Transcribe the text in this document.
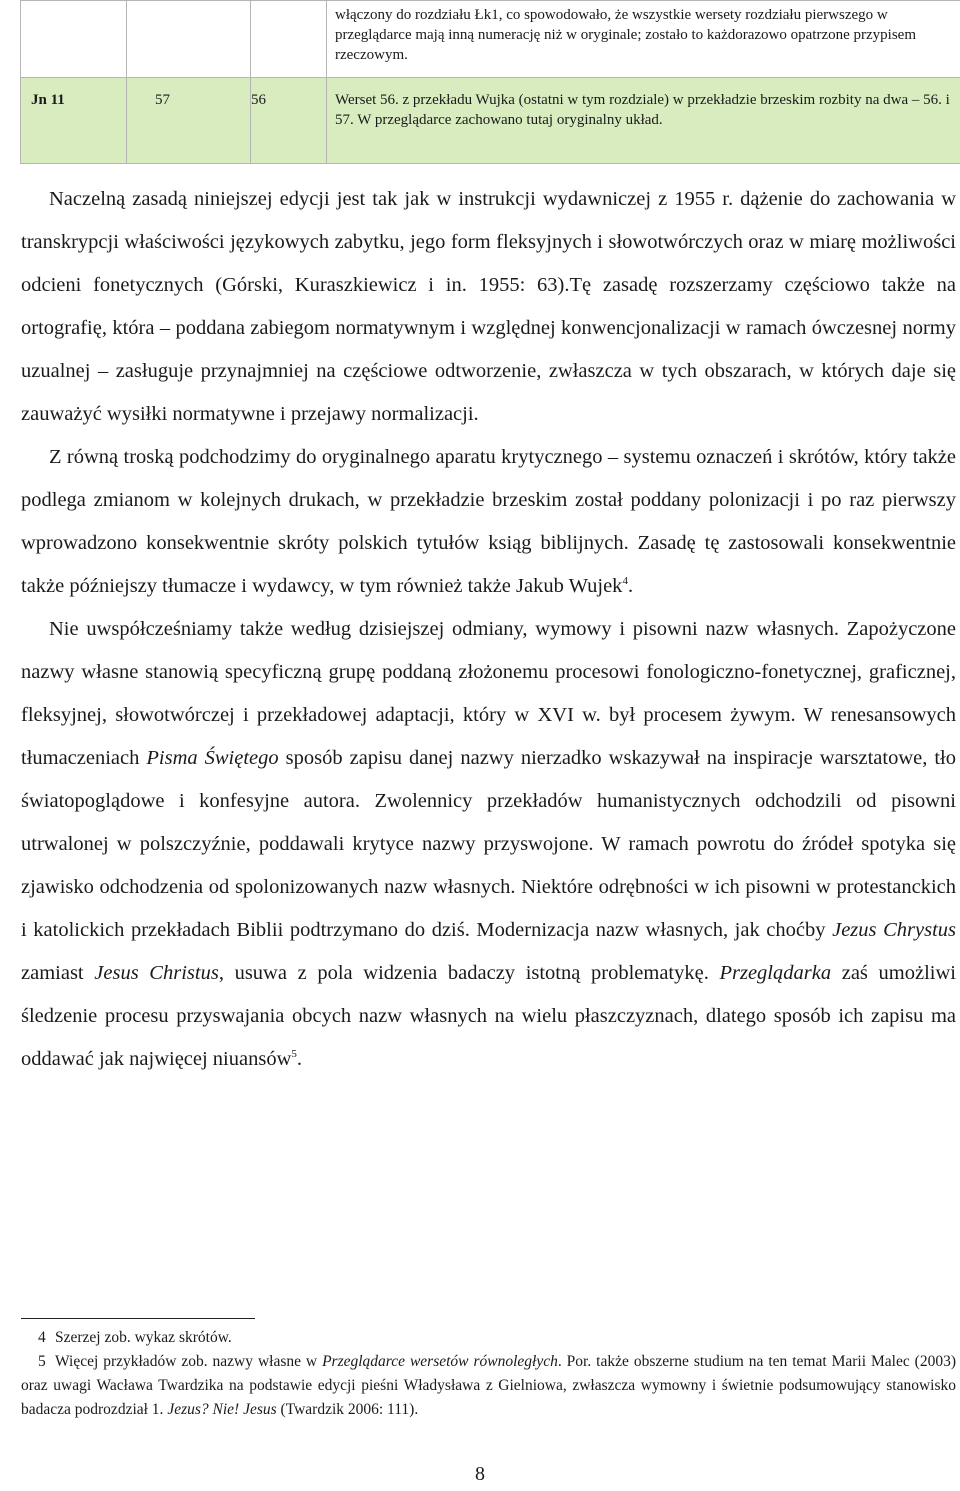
			włączony do rozdziału Łk1, co spowodowało, że wszystkie wersety rozdziału pierwszego w przeglądarce mają inną numerację niż w oryginale; zostało to każdorazowo opatrzone przypisem rzeczowym.
Jn 11	57	56	Werset 56. z przekładu Wujka (ostatni w tym rozdziale) w przekładzie brzeskim rozbity na dwa – 56. i 57. W przeglądarce zachowano tutaj oryginalny układ.

Naczelną zasadą niniejszej edycji jest tak jak w instrukcji wydawniczej z 1955 r. dążenie do zachowania w transkrypcji właściwości językowych zabytku, jego form fleksyjnych i słowotwórczych oraz w miarę możliwości odcieni fonetycznych (Górski, Kuraszkiewicz i in. 1955: 63).Tę zasadę rozszerzamy częściowo także na ortografię, która – poddana zabiegom normatywnym i względnej konwencjonalizacji w ramach ówczesnej normy uzualnej – zasługuje przynajmniej na częściowe odtworzenie, zwłaszcza w tych obszarach, w których daje się zauważyć wysiłki normatywne i przejawy normalizacji.

Z równą troską podchodzimy do oryginalnego aparatu krytycznego – systemu oznaczeń i skrótów, który także podlega zmianom w kolejnych drukach, w przekładzie brzeskim został poddany polonizacji i po raz pierwszy wprowadzono konsekwentnie skróty polskich tytułów ksiąg biblijnych. Zasadę tę zastosowali konsekwentnie także późniejszy tłumacze i wydawcy, w tym również także Jakub Wujek$^4$.

Nie uwspółcześniamy także według dzisiejszej odmiany, wymowy i pisowni nazw własnych. Zapożyczone nazwy własne stanowią specyficzną grupę poddaną złożonemu procesowi fonologiczno-fonetycznej, graficznej, fleksyjnej, słowotwórczej i przekładowej adaptacji, który w XVI w. był procesem żywym. W renesansowych tłumaczeniach Pisma Świętego sposób zapisu danej nazwy nierzadko wskazywał na inspiracje warsztatowe, tło światopoglądowe i konfesyjne autora. Zwolennicy przekładów humanistycznych odchodzili od pisowni utrwalonej w polszczyźnie, poddawali krytyce nazwy przyswojone. W ramach powrotu do źródeł spotyka się zjawisko odchodzenia od spolonizowanych nazw własnych. Niektóre odrębności w ich pisowni w protestanckich i katolickich przekładach Biblii podtrzymano do dziś. Modernizacja nazw własnych, jak choćby Jezus Chrystus zamiast Jesus Christus, usuwa z pola widzenia badaczy istotną problematykę. Przeglądarka zaś umożliwi śledzenie procesu przyswajania obcych nazw własnych na wielu płaszczyznach, dlatego sposób ich zapisu ma oddawać jak najwięcej niuansów$^5$.

4 Szerzej zob. wykaz skrótów.

5 Więcej przykładów zob. nazwy własne w Przeglądarce wersetów równoległych. Por. także obszerne studium na ten temat Marii Malec (2003) oraz uwagi Wacława Twardzika na podstawie edycji pieśni Władysława z Gielniowa, zwłaszcza wymowny i świetnie podsumowujący stanowisko badacza podrozdział 1. Jezus? Nie! Jesus (Twardzik 2006: 111).

8
